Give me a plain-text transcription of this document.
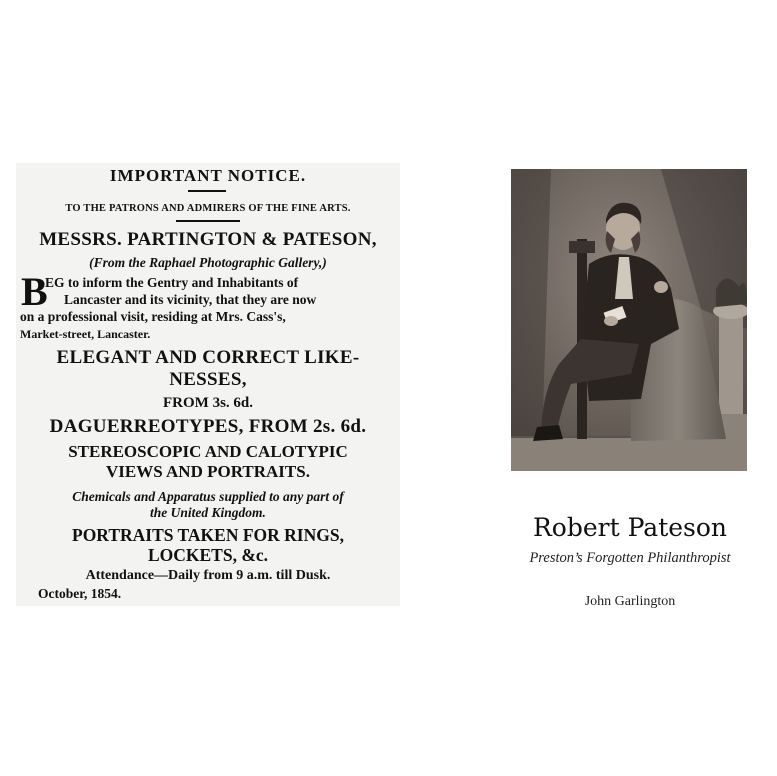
IMPORTANT NOTICE.
TO THE PATRONS AND ADMIRERS OF THE FINE ARTS.
MESSRS. PARTINGTON & PATESON,
(From the Raphael Photographic Gallery,)
B
EG to inform the Gentry and Inhabitants of
Lancaster and its vicinity, that they are now
on a professional visit, residing at Mrs. Cass's,
Market-street, Lancaster.
ELEGANT AND CORRECT LIKE-
NESSES,
FROM 3s. 6d.
DAGUERREOTYPES, FROM 2s. 6d.
STEREOSCOPIC AND CALOTYPIC
VIEWS AND PORTRAITS.
Chemicals and Apparatus supplied to any part of
the United Kingdom.
PORTRAITS TAKEN FOR RINGS,
LOCKETS, &c.
Attendance—Daily from 9 a.m. till Dusk.
October, 1854.
Robert Pateson
Preston’s Forgotten Philanthropist
John Garlington
